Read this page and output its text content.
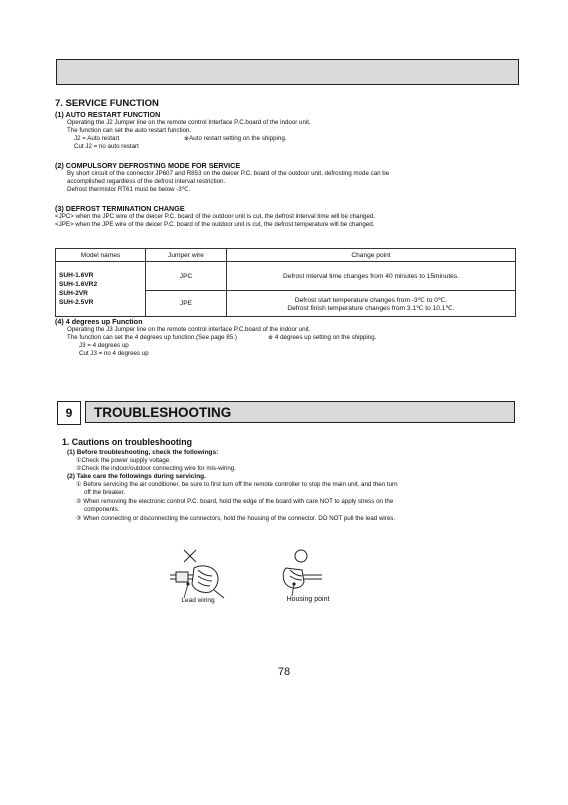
7. SERVICE FUNCTION
(1) AUTO RESTART FUNCTION
Operating the J2 Jumper line on the remote control Interface P.C.board of the indoor unit.
The function can set the auto restart function.
J2 = Auto restart	※Auto restart setting on the shipping.
Cut J2 = no auto restart
(2) COMPULSORY DEFROSTING MODE FOR SERVICE
By short circuit of the connector JP607 and R853 on the deicer P.C. board of the outdoor unit, defrosting mode can be
accomplished regardless of the defrost interval restriction.
Defrost thermistor RT61 must be below -3℃.
(3) DEFROST TERMINATION CHANGE
<JPC> when the JPC wire of the deicer P.C. board of the outdoor unit is cut, the defrost interval time will be changed.
<JPE> when the JPE wire of the deicer P.C. board of the outdoor unit is cut, the defrost temperature will be changed.
Model names	Jumper wire	Change point

SUH-1.6VR
SUH-1.6VR2
SUH-2VR
SUH-2.5VR	JPC	Defrost interval time changes from 40 minutes to 15minutes.

	JPE	Defrost start temperature changes from -3℃ to 0℃.
Defrost finish temperature changes from 3.1℃ to 10.1℃.
(4) 4 degrees up Function
Operating the J3 Jumper line on the remote control interface P.C.board of the indoor unit.
The function can set the 4 degrees up function.(See page 85.)	※ 4 degrees up setting on the shipping.
J3 = 4 degrees up
Cut J3 = no 4 degrees up
9	TROUBLESHOOTING
1. Cautions on troubleshooting
(1) Before troubleshooting, check the followings:
①Check the power supply voltage.
②Check the indoor/outdoor connecting wire for mis-wiring.
(2) Take care the followings during servicing.
① Before servicing the air conditioner, be sure to first turn off the remote controller to stop the main unit, and then turn
off the breaker.
② When removing the electronic control P.C. board, hold the edge of the board with care NOT to apply stress on the
components.
③ When connecting or disconnecting the connectors, hold the housing of the connector. DO NOT pull the lead wires.
Lead wiring	Housing point
78
